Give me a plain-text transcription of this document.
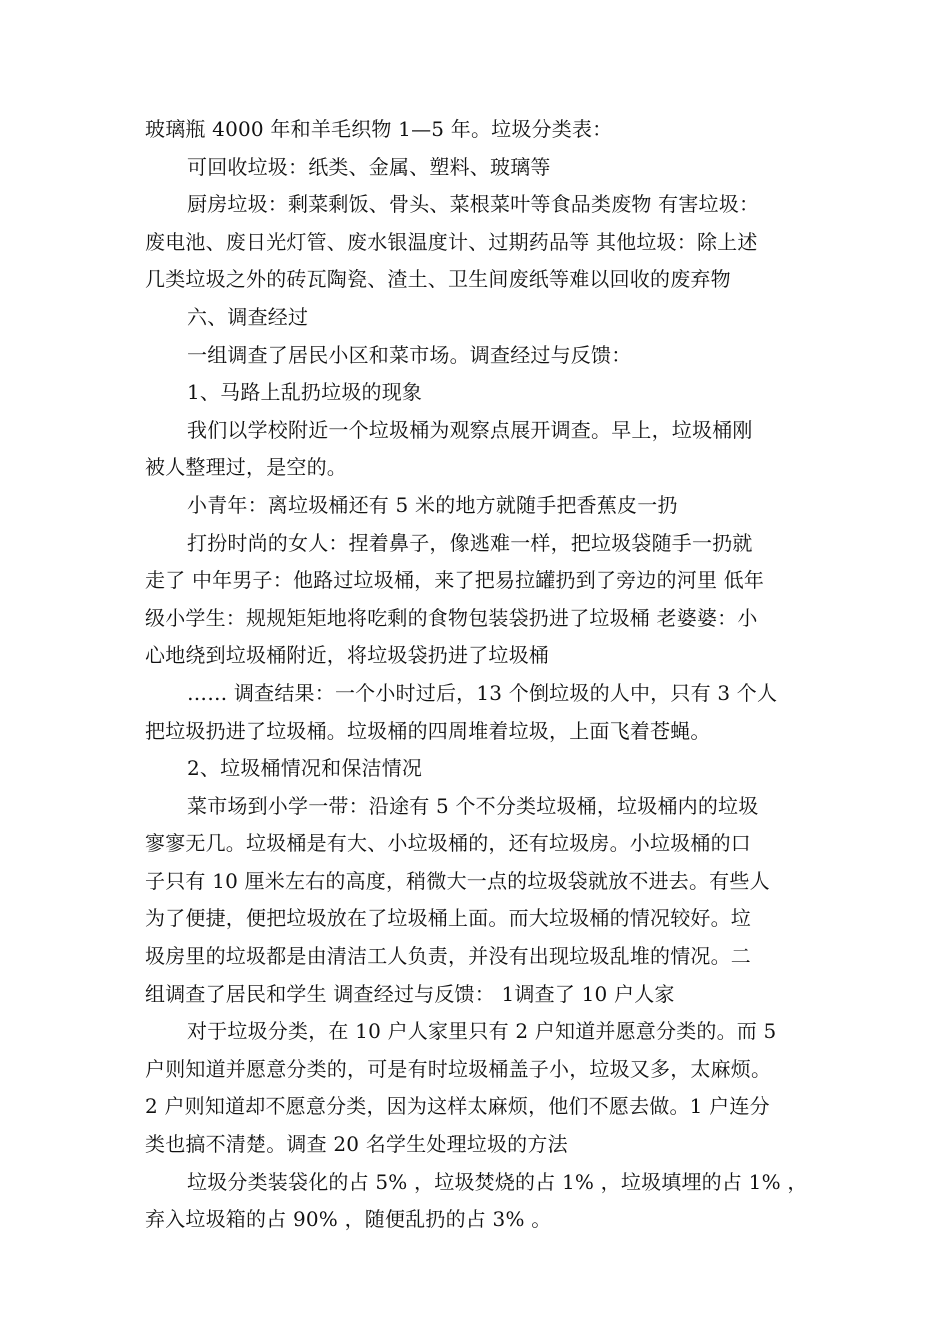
玻璃瓶 4000 年和羊毛织物 1—5 年。垃圾分类表：

可回收垃圾：纸类、金属、塑料、玻璃等

厨房垃圾：剩菜剩饭、骨头、菜根菜叶等食品类废物 有害垃圾：

废电池、废日光灯管、废水银温度计、过期药品等 其他垃圾：除上述

几类垃圾之外的砖瓦陶瓷、渣土、卫生间废纸等难以回收的废弃物

六、调查经过

一组调查了居民小区和菜市场。调查经过与反馈：

1、马路上乱扔垃圾的现象

我们以学校附近一个垃圾桶为观察点展开调查。早上，垃圾桶刚

被人整理过，是空的。

小青年：离垃圾桶还有 5 米的地方就随手把香蕉皮一扔

打扮时尚的女人：捏着鼻子，像逃难一样，把垃圾袋随手一扔就

走了 中年男子：他路过垃圾桶，来了把易拉罐扔到了旁边的河里 低年

级小学生：规规矩矩地将吃剩的食物包装袋扔进了垃圾桶 老婆婆：小

心地绕到垃圾桶附近，将垃圾袋扔进了垃圾桶

…… 调查结果：一个小时过后，13 个倒垃圾的人中，只有 3 个人

把垃圾扔进了垃圾桶。垃圾桶的四周堆着垃圾，上面飞着苍蝇。

2、垃圾桶情况和保洁情况

菜市场到小学一带：沿途有 5 个不分类垃圾桶，垃圾桶内的垃圾

寥寥无几。垃圾桶是有大、小垃圾桶的，还有垃圾房。小垃圾桶的口

子只有 10 厘米左右的高度，稍微大一点的垃圾袋就放不进去。有些人

为了便捷，便把垃圾放在了垃圾桶上面。而大垃圾桶的情况较好。垃

圾房里的垃圾都是由清洁工人负责，并没有出现垃圾乱堆的情况。二

组调查了居民和学生 调查经过与反馈： 1调查了 10 户人家

对于垃圾分类，在 10 户人家里只有 2 户知道并愿意分类的。而 5

户则知道并愿意分类的，可是有时垃圾桶盖子小，垃圾又多，太麻烦。

2 户则知道却不愿意分类，因为这样太麻烦，他们不愿去做。1 户连分

类也搞不清楚。调查 20 名学生处理垃圾的方法

垃圾分类装袋化的占 5% ，垃圾焚烧的占 1% ，垃圾填埋的占 1% ，

弃入垃圾箱的占 90% ，随便乱扔的占 3% 。
